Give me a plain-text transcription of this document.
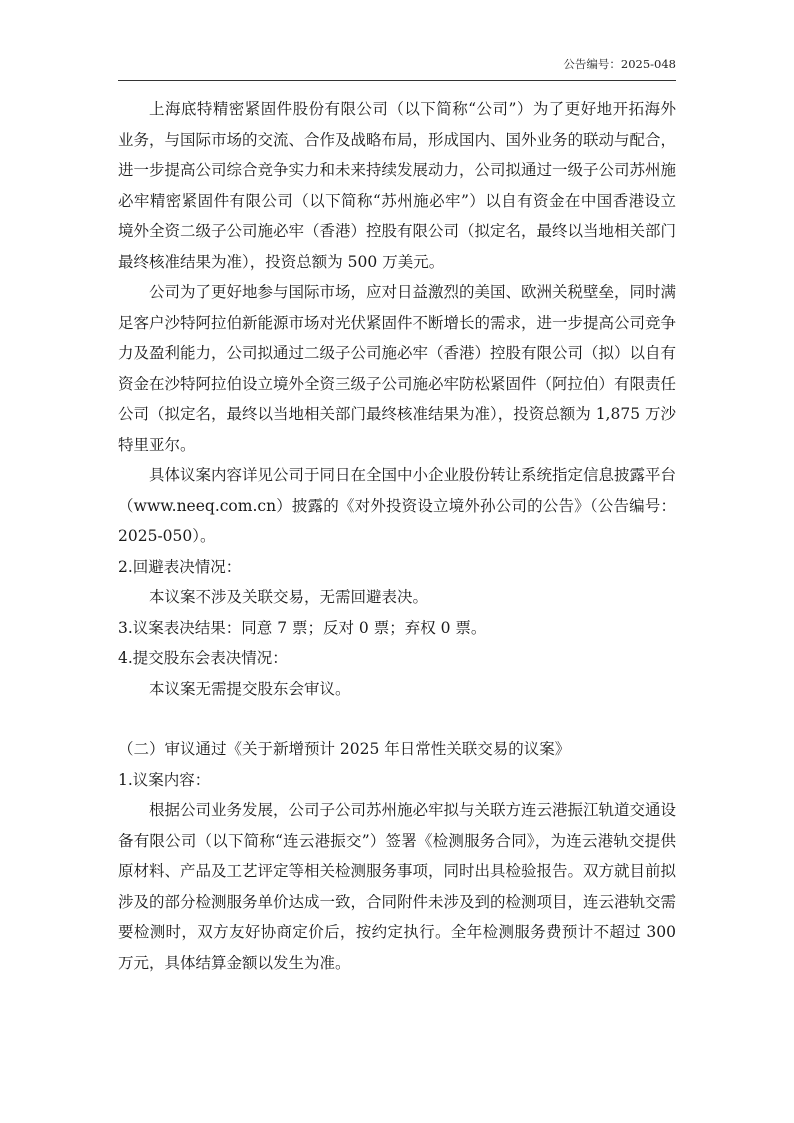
公告编号：2025-048

上海底特精密紧固件股份有限公司（以下简称“公司”）为了更好地开拓海外业务，与国际市场的交流、合作及战略布局，形成国内、国外业务的联动与配合，进一步提高公司综合竞争实力和未来持续发展动力，公司拟通过一级子公司苏州施必牢精密紧固件有限公司（以下简称“苏州施必牢”）以自有资金在中国香港设立境外全资二级子公司施必牢（香港）控股有限公司（拟定名，最终以当地相关部门最终核准结果为准），投资总额为 500 万美元。

公司为了更好地参与国际市场，应对日益激烈的美国、欧洲关税壁垒，同时满足客户沙特阿拉伯新能源市场对光伏紧固件不断增长的需求，进一步提高公司竞争力及盈利能力，公司拟通过二级子公司施必牢（香港）控股有限公司（拟）以自有资金在沙特阿拉伯设立境外全资三级子公司施必牢防松紧固件（阿拉伯）有限责任公司（拟定名，最终以当地相关部门最终核准结果为准），投资总额为 1,875 万沙特里亚尔。

具体议案内容详见公司于同日在全国中小企业股份转让系统指定信息披露平台（www.neeq.com.cn）披露的《对外投资设立境外孙公司的公告》（公告编号：2025-050）。

2.回避表决情况：

本议案不涉及关联交易，无需回避表决。

3.议案表决结果：同意 7 票；反对 0 票；弃权 0 票。

4.提交股东会表决情况：

本议案无需提交股东会审议。

（二）审议通过《关于新增预计 2025 年日常性关联交易的议案》

1.议案内容：

根据公司业务发展，公司子公司苏州施必牢拟与关联方连云港振江轨道交通设备有限公司（以下简称“连云港振交”）签署《检测服务合同》，为连云港轨交提供原材料、产品及工艺评定等相关检测服务事项，同时出具检验报告。双方就目前拟涉及的部分检测服务单价达成一致，合同附件未涉及到的检测项目，连云港轨交需要检测时，双方友好协商定价后，按约定执行。全年检测服务费预计不超过 300 万元，具体结算金额以发生为准。
